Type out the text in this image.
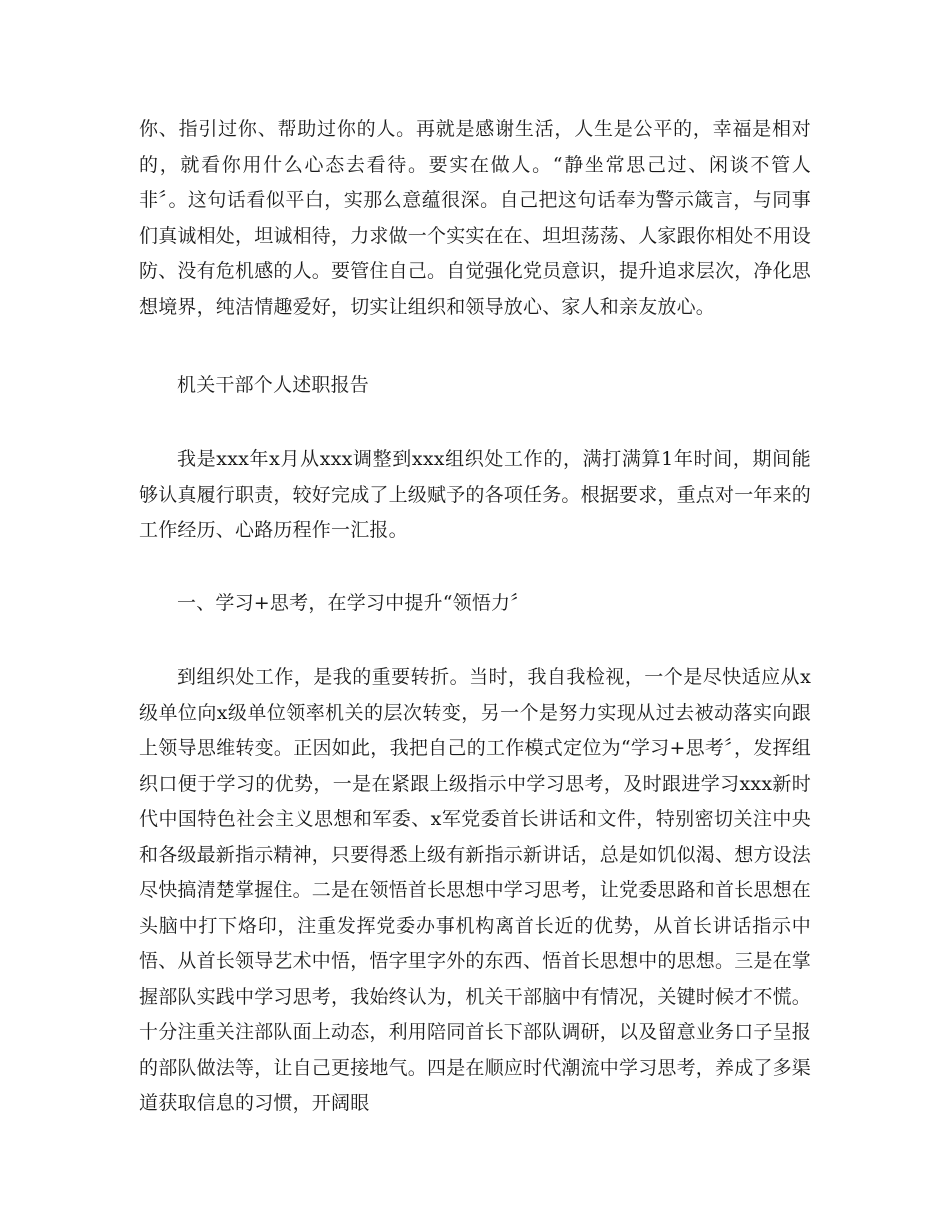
你、指引过你、帮助过你的人。再就是感谢生活，人生是公平的，幸福是相对的，就看你用什么心态去看待。要实在做人。“静坐常思己过、闲谈不管人非〞。这句话看似平白，实那么意蕴很深。自己把这句话奉为警示箴言，与同事们真诚相处，坦诚相待，力求做一个实实在在、坦坦荡荡、人家跟你相处不用设防、没有危机感的人。要管住自己。自觉强化党员意识，提升追求层次，净化思想境界，纯洁情趣爱好，切实让组织和领导放心、家人和亲友放心。

机关干部个人述职报告

我是xxx年x月从xxx调整到xxx组织处工作的，满打满算1年时间，期间能够认真履行职责，较好完成了上级赋予的各项任务。根据要求，重点对一年来的工作经历、心路历程作一汇报。

一、学习+思考，在学习中提升“领悟力〞

到组织处工作，是我的重要转折。当时，我自我检视，一个是尽快适应从x级单位向x级单位领率机关的层次转变，另一个是努力实现从过去被动落实向跟上领导思维转变。正因如此，我把自己的工作模式定位为“学习+思考〞，发挥组织口便于学习的优势，一是在紧跟上级指示中学习思考，及时跟进学习xxx新时代中国特色社会主义思想和军委、x军党委首长讲话和文件，特别密切关注中央和各级最新指示精神，只要得悉上级有新指示新讲话，总是如饥似渴、想方设法尽快搞清楚掌握住。二是在领悟首长思想中学习思考，让党委思路和首长思想在头脑中打下烙印，注重发挥党委办事机构离首长近的优势，从首长讲话指示中悟、从首长领导艺术中悟，悟字里字外的东西、悟首长思想中的思想。三是在掌握部队实践中学习思考，我始终认为，机关干部脑中有情况，关键时候才不慌。十分注重关注部队面上动态，利用陪同首长下部队调研，以及留意业务口子呈报的部队做法等，让自己更接地气。四是在顺应时代潮流中学习思考，养成了多渠道获取信息的习惯，开阔眼
